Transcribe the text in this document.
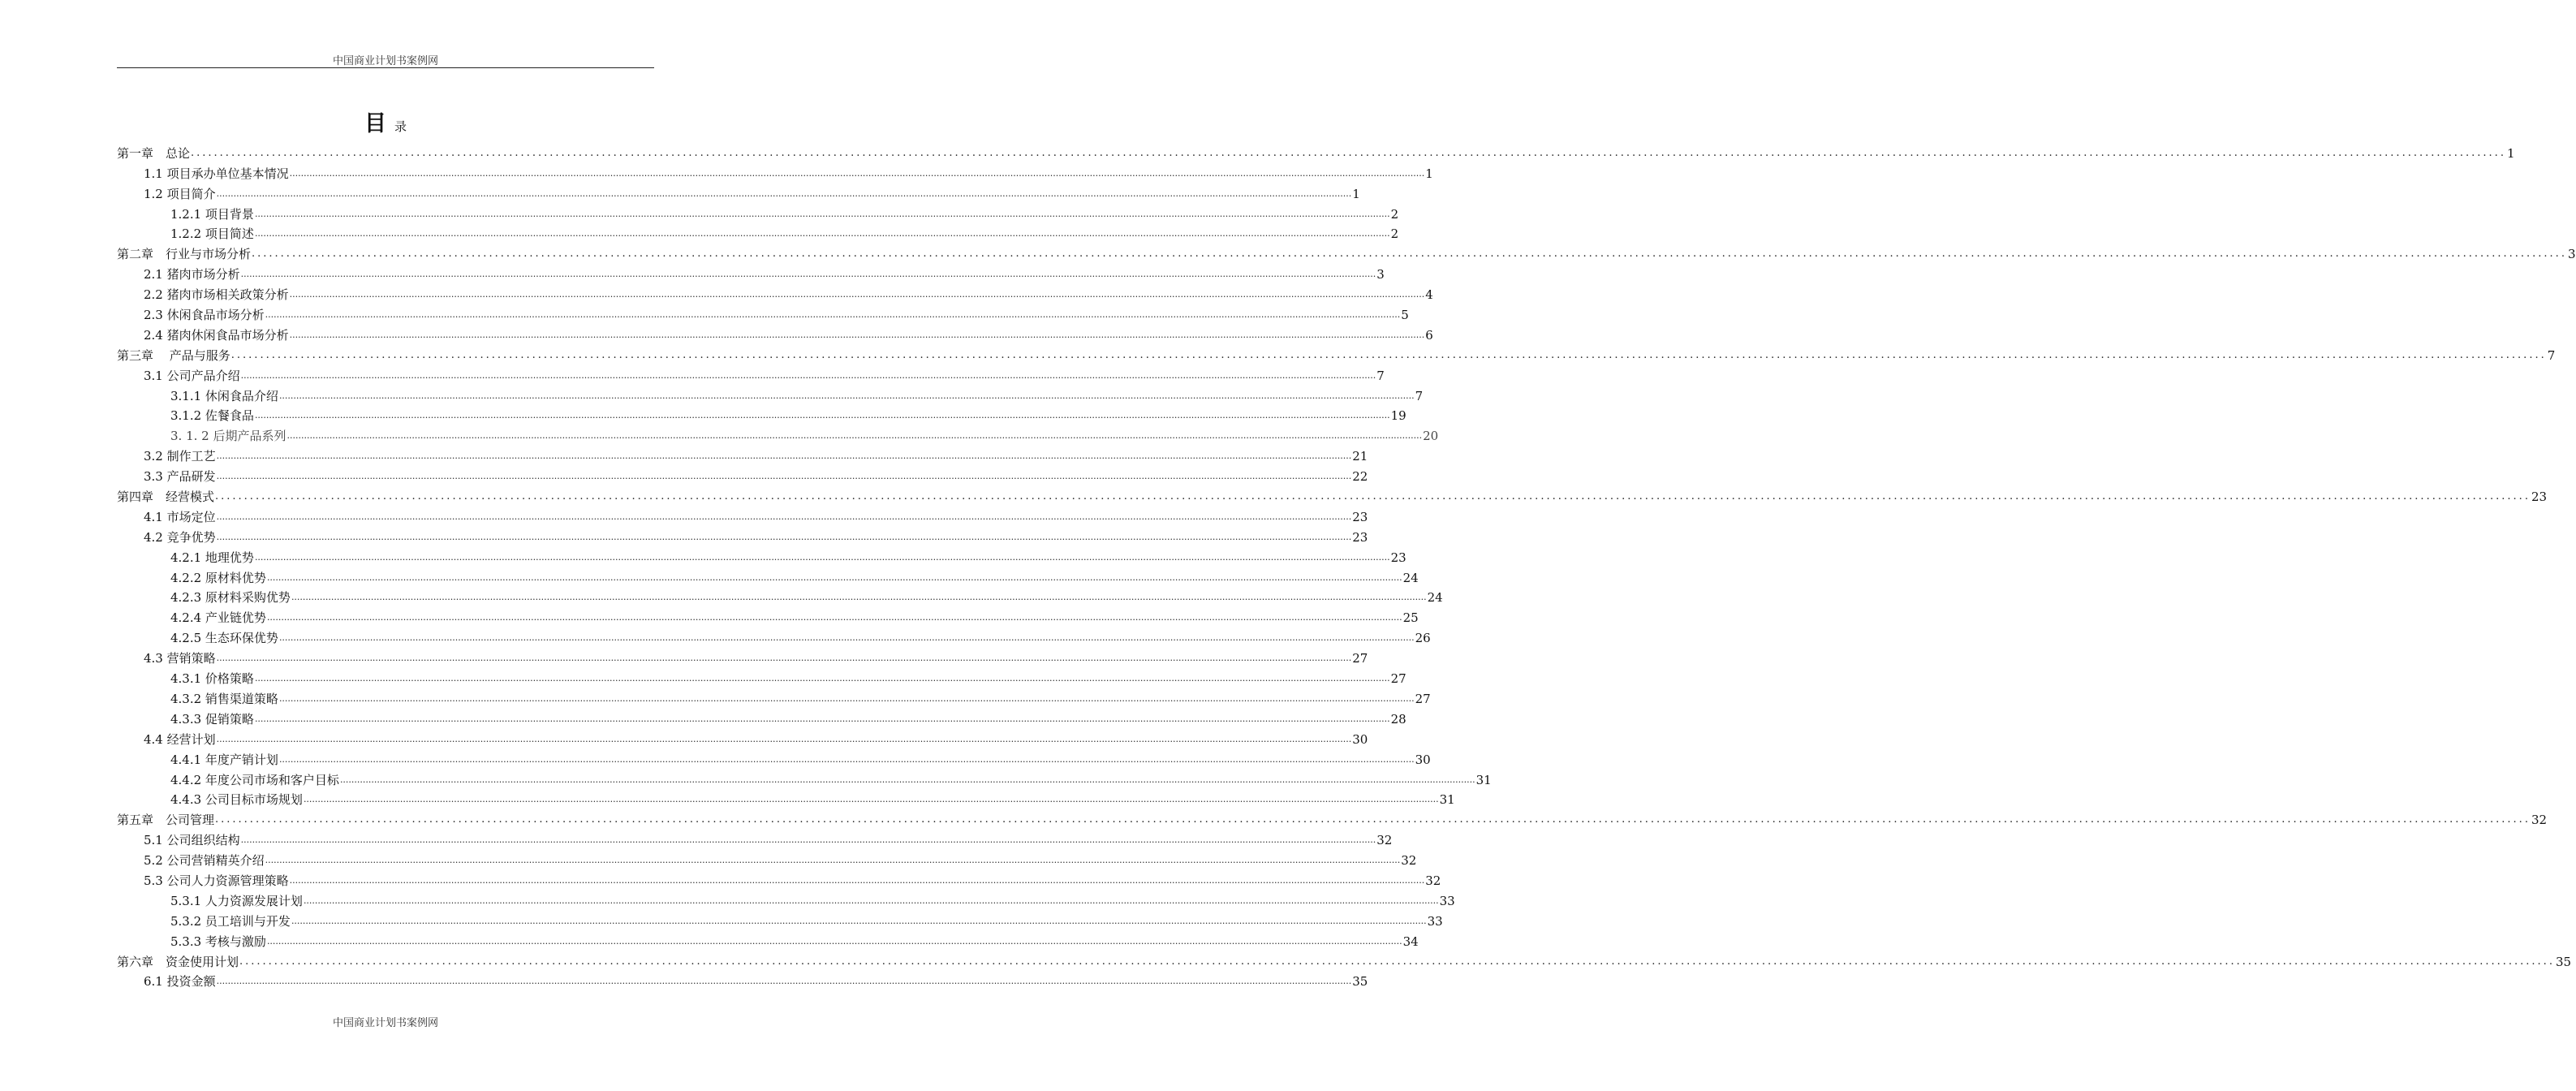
中国商业计划书案例网
目录
第一章　总论 ................................................................................................................................................................................................................................................................................................................................................................................................................ 1
1.1 项目承办单位基本情况 ................................................................................................................................................................................................................................................................................................................................................................................................................ 1
1.2 项目简介 ................................................................................................................................................................................................................................................................................................................................................................................................................ 1
1.2.1 项目背景 ................................................................................................................................................................................................................................................................................................................................................................................................................ 2
1.2.2 项目简述 ................................................................................................................................................................................................................................................................................................................................................................................................................ 2
第二章　行业与市场分析 ................................................................................................................................................................................................................................................................................................................................................................................................................ 3
2.1 猪肉市场分析 ................................................................................................................................................................................................................................................................................................................................................................................................................ 3
2.2 猪肉市场相关政策分析 ................................................................................................................................................................................................................................................................................................................................................................................................................ 4
2.3 休闲食品市场分析 ................................................................................................................................................................................................................................................................................................................................................................................................................ 5
2.4 猪肉休闲食品市场分析 ................................................................................................................................................................................................................................................................................................................................................................................................................ 6
第三章　 产品与服务 ................................................................................................................................................................................................................................................................................................................................................................................................................ 7
3.1 公司产品介绍 ................................................................................................................................................................................................................................................................................................................................................................................................................ 7
3.1.1 休闲食品介绍 ................................................................................................................................................................................................................................................................................................................................................................................................................ 7
3.1.2 佐餐食品 ................................................................................................................................................................................................................................................................................................................................................................................................................ 19
3. 1. 2 后期产品系列 ................................................................................................................................................................................................................................................................................................................................................................................................................ 20
3.2 制作工艺 ................................................................................................................................................................................................................................................................................................................................................................................................................ 21
3.3 产品研发 ................................................................................................................................................................................................................................................................................................................................................................................................................ 22
第四章　经营模式 ................................................................................................................................................................................................................................................................................................................................................................................................................ 23
4.1 市场定位 ................................................................................................................................................................................................................................................................................................................................................................................................................ 23
4.2 竞争优势 ................................................................................................................................................................................................................................................................................................................................................................................................................ 23
4.2.1 地理优势 ................................................................................................................................................................................................................................................................................................................................................................................................................ 23
4.2.2 原材料优势 ................................................................................................................................................................................................................................................................................................................................................................................................................ 24
4.2.3 原材料采购优势 ................................................................................................................................................................................................................................................................................................................................................................................................................ 24
4.2.4 产业链优势 ................................................................................................................................................................................................................................................................................................................................................................................................................ 25
4.2.5 生态环保优势 ................................................................................................................................................................................................................................................................................................................................................................................................................ 26
4.3 营销策略 ................................................................................................................................................................................................................................................................................................................................................................................................................ 27
4.3.1 价格策略 ................................................................................................................................................................................................................................................................................................................................................................................................................ 27
4.3.2 销售渠道策略 ................................................................................................................................................................................................................................................................................................................................................................................................................ 27
4.3.3 促销策略 ................................................................................................................................................................................................................................................................................................................................................................................................................ 28
4.4 经营计划 ................................................................................................................................................................................................................................................................................................................................................................................................................ 30
4.4.1 年度产销计划 ................................................................................................................................................................................................................................................................................................................................................................................................................ 30
4.4.2 年度公司市场和客户目标 ................................................................................................................................................................................................................................................................................................................................................................................................................ 31
4.4.3 公司目标市场规划 ................................................................................................................................................................................................................................................................................................................................................................................................................ 31
第五章　公司管理 ................................................................................................................................................................................................................................................................................................................................................................................................................ 32
5.1 公司组织结构 ................................................................................................................................................................................................................................................................................................................................................................................................................ 32
5.2 公司营销精英介绍 ................................................................................................................................................................................................................................................................................................................................................................................................................ 32
5.3 公司人力资源管理策略 ................................................................................................................................................................................................................................................................................................................................................................................................................ 32
5.3.1 人力资源发展计划 ................................................................................................................................................................................................................................................................................................................................................................................................................ 33
5.3.2 员工培训与开发 ................................................................................................................................................................................................................................................................................................................................................................................................................ 33
5.3.3 考核与激励 ................................................................................................................................................................................................................................................................................................................................................................................................................ 34
第六章　资金使用计划 ................................................................................................................................................................................................................................................................................................................................................................................................................ 35
6.1 投资金额 ................................................................................................................................................................................................................................................................................................................................................................................................................ 35
中国商业计划书案例网
